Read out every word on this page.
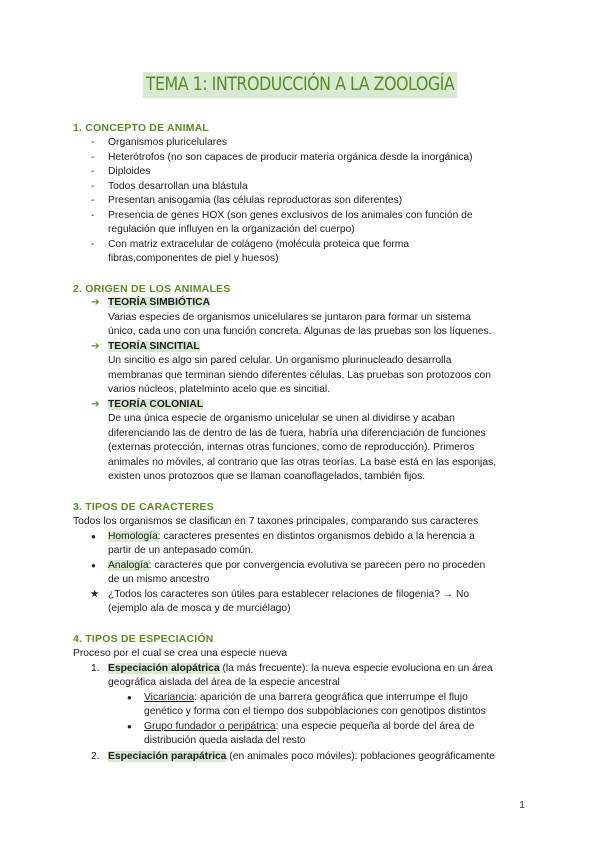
TEMA 1: INTRODUCCIÓN A LA ZOOLOGÍA
1. CONCEPTO DE ANIMAL
- Organismos pluricelulares
- Heterótrofos (no son capaces de producir materia orgánica desde la inorgánica)
- Diploides
- Todos desarrollan una blástula
- Presentan anisogamia (las células reproductoras son diferentes)
- Presencia de genes HOX (son genes exclusivos de los animales con función de
regulación que influyen en la organización del cuerpo)
- Con matriz extracelular de colágeno (molécula proteica que forma
fibras,componentes de piel y huesos)
2. ORIGEN DE LOS ANIMALES
➔ TEORÍA SIMBIÓTICA
Varias especies de organismos unicelulares se juntaron para formar un sistema
único, cada uno con una función concreta. Algunas de las pruebas son los líquenes.
➔ TEORÍA SINCITIAL
Un sincitio es algo sin pared celular. Un organismo plurinucleado desarrolla
membranas que terminan siendo diferentes células. Las pruebas son protozoos con
varios núcleos, platelminto acelo que es sincitial.
➔ TEORÍA COLONIAL
De una única especie de organismo unicelular se unen al dividirse y acaban
diferenciando las de dentro de las de fuera, habría una diferenciación de funciones
(externas protección, internas otras funciones, como de reproducción). Primeros
animales no móviles, al contrario que las otras teorías. La base está en las esponjas,
existen unos protozoos que se llaman coanoflagelados, también fijos.
3. TIPOS DE CARACTERES
Todos los organismos se clasifican en 7 taxones principales, comparando sus caracteres
● Homología: caracteres presentes en distintos organismos debido a la herencia a
partir de un antepasado común.
● Analogía: caracteres que por convergencia evolutiva se parecen pero no proceden
de un mismo ancestro
★ ¿Todos los caracteres son útiles para establecer relaciones de filogenia? → No
(ejemplo ala de mosca y de murciélago)
4. TIPOS DE ESPECIACIÓN
Proceso por el cual se crea una especie nueva
1. Especiación alopátrica (la más frecuente): la nueva especie evoluciona en un área
geográfica aislada del área de la especie ancestral
● Vicariancia: aparición de una barrera geográfica que interrumpe el flujo
genético y forma con el tiempo dos subpoblaciones con genotipos distintos
● Grupo fundador o peripátrica: una especie pequeña al borde del área de
distribución queda aislada del resto
2. Especiación parapátrica (en animales poco móviles): poblaciones geográficamente
1
